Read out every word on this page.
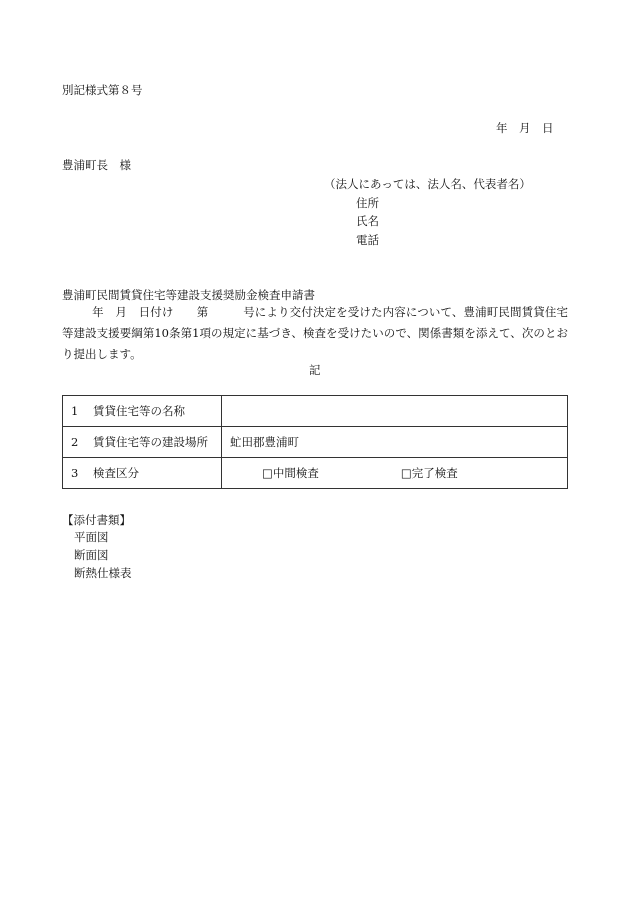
別記様式第８号
年　月　日
豊浦町長　様
（法人にあっては、法人名、代表者名）
住所
氏名
電話
豊浦町民間賃貸住宅等建設支援奨励金検査申請書
年　月　日付け　　第　　　号により交付決定を受けた内容について、豊浦町民間賃貸住宅等建設支援要綱第10条第1項の規定に基づき、検査を受けたいので、関係書類を添えて、次のとおり提出します。
記
1 賃貸住宅等の名称	
2 賃貸住宅等の建設場所	虻田郡豊浦町
3 検査区分	□中間検査 □完了検査
【添付書類】
平面図
断面図
断熱仕様表
